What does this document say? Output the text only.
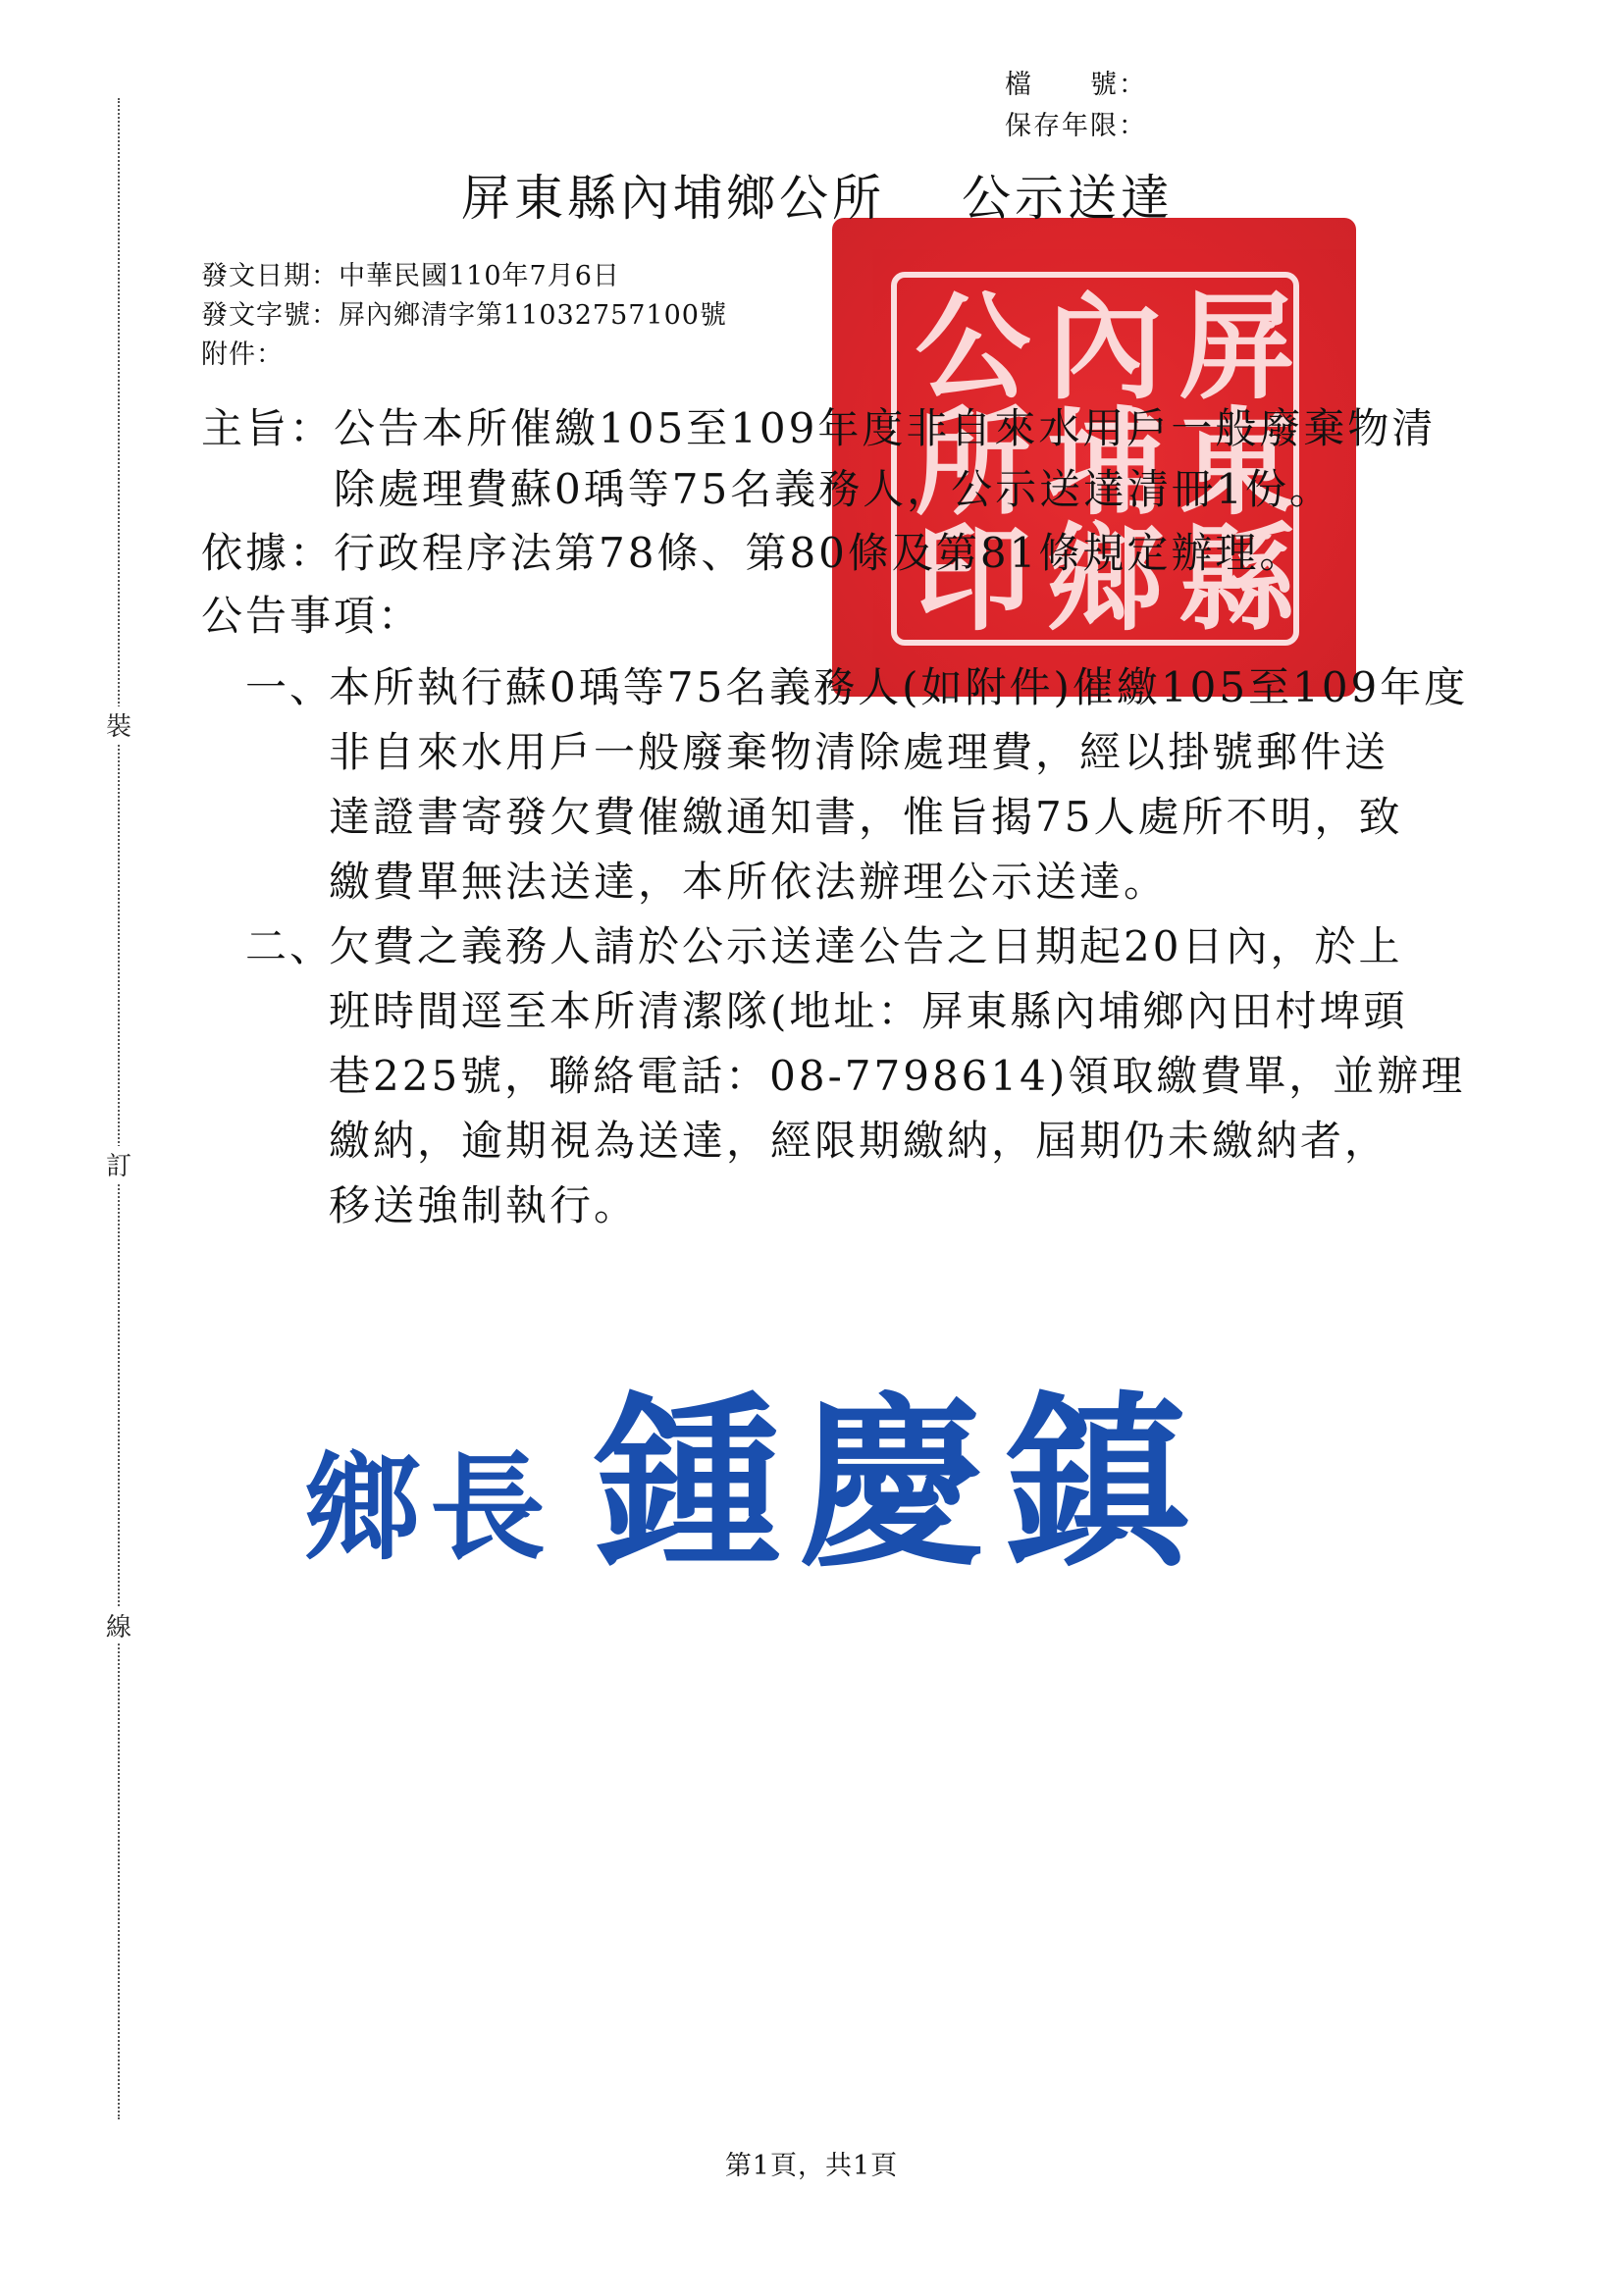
裝
訂
線
檔　　號：
保存年限：
屏東縣
內埔鄉
公所印
屏東縣內埔鄉公所 公示送達
發文日期：中華民國110年7月6日
發文字號：屏內鄉清字第11032757100號
附件：
主旨： 公告本所催繳105至109年度非自來水用戶一般廢棄物清
除處理費蘇0瑀等75名義務人，公示送達清冊1份。
依據： 行政程序法第78條、第80條及第81條規定辦理。
公告事項：
一、
本所執行蘇0瑀等75名義務人(如附件)催繳105至109年度
非自來水用戶一般廢棄物清除處理費，經以掛號郵件送
達證書寄發欠費催繳通知書，惟旨揭75人處所不明，致
繳費單無法送達，本所依法辦理公示送達。
二、
欠費之義務人請於公示送達公告之日期起20日內，於上
班時間逕至本所清潔隊(地址：屏東縣內埔鄉內田村埤頭
巷225號，聯絡電話：08-7798614)領取繳費單，並辦理
繳納，逾期視為送達，經限期繳納，屆期仍未繳納者，
移送強制執行。
鄉長 鍾慶鎮
第1頁，共1頁
